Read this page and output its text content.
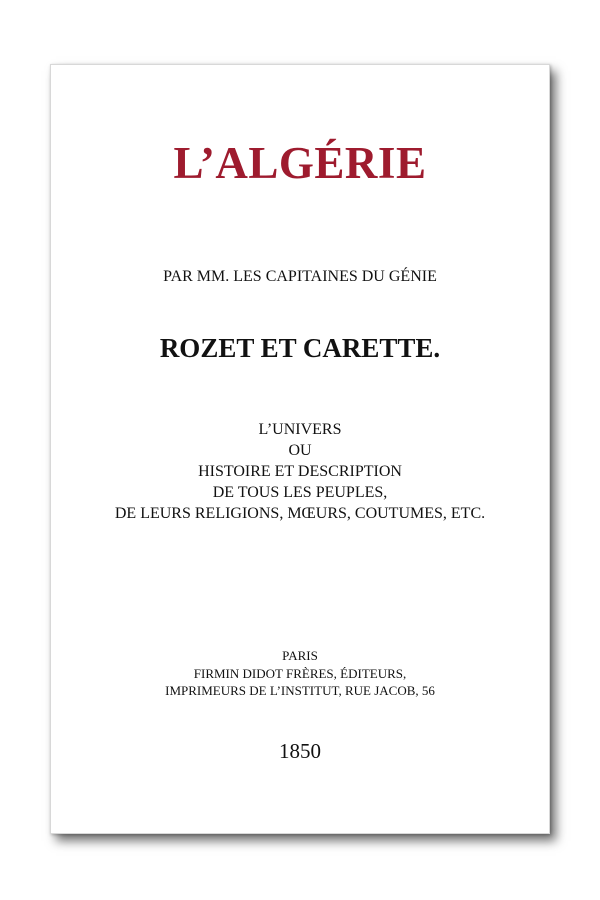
L’ALGÉRIE
PAR MM. LES CAPITAINES DU GÉNIE
ROZET ET CARETTE.
L’UNIVERS
OU
HISTOIRE ET DESCRIPTION
DE TOUS LES PEUPLES,
DE LEURS RELIGIONS, MŒURS, COUTUMES, ETC.
PARIS
FIRMIN DIDOT FRÈRES, ÉDITEURS,
IMPRIMEURS DE L’INSTITUT, RUE JACOB, 56
1850
